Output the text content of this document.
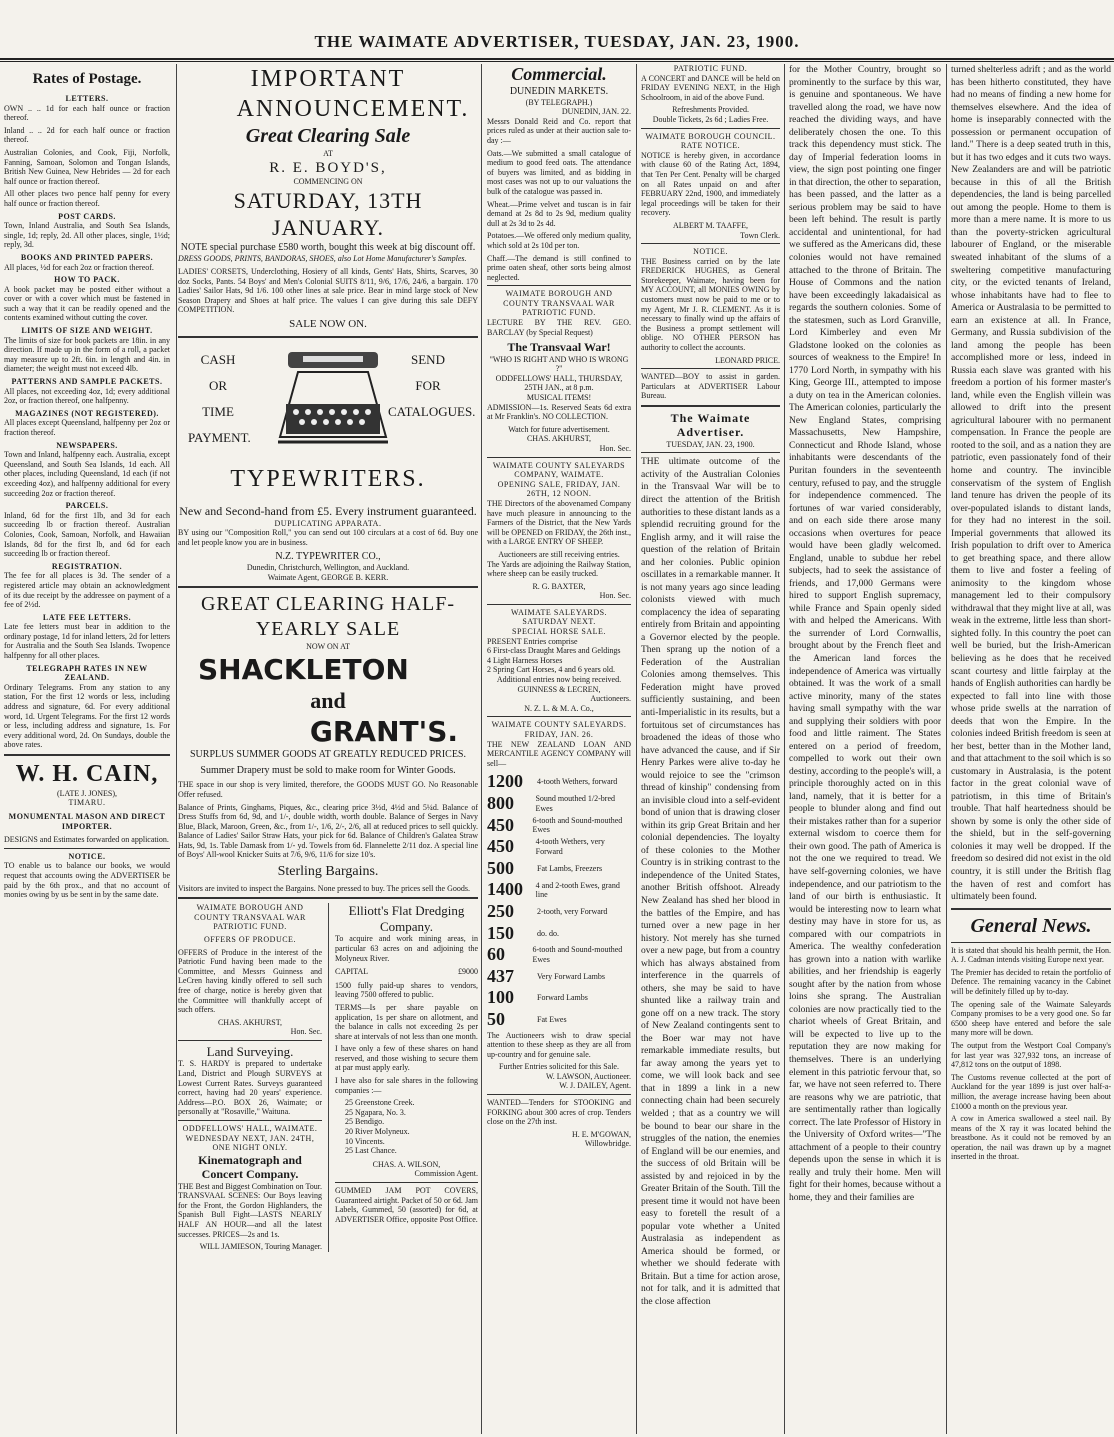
THE WAIMATE ADVERTISER, TUESDAY, JAN. 23, 1900.
Rates of Postage.
LETTERS.

OWN .. .. 1d for each half ounce or fraction thereof.

Inland .. .. 2d for each half ounce or fraction thereof.

Australian Colonies, and Cook, Fiji, Norfolk, Fanning, Samoan, Solomon and Tongan Islands, British New Guinea, New Hebrides — 2d for each half ounce or fraction thereof.

All other places two pence half penny for every half ounce or fraction thereof.

POST CARDS.

Town, Inland Australia, and South Sea Islands, single, 1d; reply, 2d. All other places, single, 1½d; reply, 3d.

BOOKS AND PRINTED PAPERS.

All places, ½d for each 2oz or fraction thereof.

HOW TO PACK.

A book packet may be posted either without a cover or with a cover which must be fastened in such a way that it can be readily opened and the contents examined without cutting the cover.

LIMITS OF SIZE AND WEIGHT.

The limits of size for book packets are 18in. in any direction. If made up in the form of a roll, a packet may measure up to 2ft. 6in. in length and 4in. in diameter; the weight must not exceed 4lb.

PATTERNS AND SAMPLE PACKETS.

All places, not exceeding 4oz, 1d; every additional 2oz, or fraction thereof, one halfpenny.

MAGAZINES (NOT REGISTERED).

All places except Queensland, halfpenny per 2oz or fraction thereof.

NEWSPAPERS.

Town and Inland, halfpenny each. Australia, except Queensland, and South Sea Islands, 1d each. All other places, including Queensland, 1d each (if not exceeding 4oz), and halfpenny additional for every succeeding 2oz or fraction thereof.

PARCELS.

Inland, 6d for the first 1lb, and 3d for each succeeding lb or fraction thereof. Australian Colonies, Cook, Samoan, Norfolk, and Hawaiian Islands, 8d for the first lb, and 6d for each succeeding lb or fraction thereof.

REGISTRATION.

The fee for all places is 3d. The sender of a registered article may obtain an acknowledgment of its due receipt by the addressee on payment of a fee of 2½d.

LATE FEE LETTERS.

Late fee letters must bear in addition to the ordinary postage, 1d for inland letters, 2d for letters for Australia and the South Sea Islands. Twopence halfpenny for all other places.

TELEGRAPH RATES IN NEW ZEALAND.

Ordinary Telegrams. From any station to any station, For the first 12 words or less, including address and signature, 6d. For every additional word, 1d. Urgent Telegrams. For the first 12 words or less, including address and signature, 1s. For every additional word, 2d. On Sundays, double the above rates.

W. H. CAIN,
(LATE J. JONES),
TIMARU.
MONUMENTAL MASON AND DIRECT IMPORTER.

DESIGNS and Estimates forwarded on application.

NOTICE.

TO enable us to balance our books, we would request that accounts owing the ADVERTISER be paid by the 6th prox., and that no account of monies owing by us be sent in by the same date.

IMPORTANT
ANNOUNCEMENT.
Great Clearing Sale
AT
R. E. BOYD'S,
COMMENCING ON
SATURDAY, 13TH JANUARY.
NOTE special purchase £580 worth, bought this week at big discount off.

DRESS GOODS, PRINTS, BANDORAS, SHOES, also Lot Home Manufacturer's Samples.

LADIES' CORSETS, Underclothing, Hosiery of all kinds, Gents' Hats, Shirts, Scarves, 30 doz Socks, Pants. 54 Boys' and Men's Colonial SUITS 8/11, 9/6, 17/6, 24/6, a bargain. 170 Ladies' Sailor Hats, 9d 1/6. 100 other lines at sale price. Bear in mind large stock of New Season Drapery and Shoes at half price. The values I can give during this sale DEFY COMPETITION.

SALE NOW ON.
CASH
OR
TIME
PAYMENT.
SEND
FOR
CATALOGUES.
TYPEWRITERS.
New and Second-hand from £5. Every instrument guaranteed.
DUPLICATING APPARATA.

BY using our "Composition Roll," you can send out 100 circulars at a cost of 6d. Buy one and let people know you are in business.

N.Z. TYPEWRITER CO.,
Dunedin, Christchurch, Wellington, and Auckland.
Waimate Agent, GEORGE B. KERR.
GREAT CLEARING HALF-
YEARLY SALE
NOW ON AT
SHACKLETON
and
GRANT'S.
SURPLUS SUMMER GOODS AT GREATLY REDUCED PRICES.
Summer Drapery must be sold to make room for Winter Goods.

THE space in our shop is very limited, therefore, the GOODS MUST GO. No Reasonable Offer refused.

Balance of Prints, Ginghams, Piques, &c., clearing price 3½d, 4½d and 5¼d. Balance of Dress Stuffs from 6d, 9d, and 1/-, double width, worth double. Balance of Serges in Navy Blue, Black, Maroon, Green, &c., from 1/-, 1/6, 2/-, 2/6, all at reduced prices to sell quickly. Balance of Ladies' Sailor Straw Hats, your pick for 6d. Balance of Children's Galatea Straw Hats, 9d, 1s. Table Damask from 1/- yd. Towels from 6d. Flannelette 2/11 doz. A special line of Boys' All-wool Knicker Suits at 7/6, 9/6, 11/6 for size 10's.

Sterling Bargains.

Visitors are invited to inspect the Bargains. None pressed to buy. The prices sell the Goods.

WAIMATE BOROUGH AND COUNTY TRANSVAAL WAR PATRIOTIC FUND.
OFFERS OF PRODUCE.

OFFERS of Produce in the interest of the Patriotic Fund having been made to the Committee, and Messrs Guinness and LeCren having kindly offered to sell such free of charge, notice is hereby given that the Committee will thankfully accept of such offers.

CHAS. AKHURST,
Hon. Sec.
Land Surveying.

T. S. HARDY is prepared to undertake Land, District and Plough SURVEYS at Lowest Current Rates. Surveys guaranteed correct, having had 20 years' experience. Address—P.O. BOX 26, Waimate; or personally at "Rosaville," Waituna.

ODDFELLOWS' HALL, WAIMATE. WEDNESDAY NEXT, JAN. 24TH, ONE NIGHT ONLY.
Kinematograph and Concert Company.

THE Best and Biggest Combination on Tour. TRANSVAAL SCENES: Our Boys leaving for the Front, the Gordon Highlanders, the Spanish Bull Fight—LASTS NEARLY HALF AN HOUR—and all the latest successes. PRICES—2s and 1s.

WILL JAMIESON, Touring Manager.
Elliott's Flat Dredging Company.

To acquire and work mining areas, in particular 63 acres on and adjoining the Molyneux River.

CAPITAL	£9000

1500 fully paid-up shares to vendors, leaving 7500 offered to public.

TERMS—Is per share payable on application, 1s per share on allotment, and the balance in calls not exceeding 2s per share at intervals of not less than one month.

I have only a few of these shares on hand reserved, and those wishing to secure them at par must apply early.

I have also for sale shares in the following companies :—

25 Greenstone Creek.
25 Ngapara, No. 3.
25 Bendigo.
20 River Molyneux.
10 Vincents.
25 Last Chance.
CHAS. A. WILSON,
Commission Agent.

GUMMED JAM POT COVERS, Guaranteed airtight. Packet of 50 or 6d. Jam Labels, Gummed, 50 (assorted) for 6d, at ADVERTISER Office, opposite Post Office.

Commercial.
DUNEDIN MARKETS.
(BY TELEGRAPH.)
DUNEDIN, JAN. 22.

Messrs Donald Reid and Co. report that prices ruled as under at their auction sale to-day :—

Oats.—We submitted a small catalogue of medium to good feed oats. The attendance of buyers was limited, and as bidding in most cases was not up to our valuations the bulk of the catalogue was passed in.

Wheat.—Prime velvet and tuscan is in fair demand at 2s 8d to 2s 9d, medium quality dull at 2s 3d to 2s 4d.

Potatoes.—We offered only medium quality, which sold at 2s 10d per ton.

Chaff.—The demand is still confined to prime oaten sheaf, other sorts being almost neglected.

WAIMATE BOROUGH AND COUNTY TRANSVAAL WAR PATRIOTIC FUND.

LECTURE BY THE REV. GEO. BARCLAY (by Special Request)

The Transvaal War!
"WHO IS RIGHT AND WHO IS WRONG ?"
ODDFELLOWS' HALL, THURSDAY, 25TH JAN., at 8 p.m.
MUSICAL ITEMS!

ADMISSION—1s. Reserved Seats 6d extra at Mr Franklin's. NO COLLECTION.

Watch for future advertisement.
CHAS. AKHURST,
Hon. Sec.
WAIMATE COUNTY SALEYARDS COMPANY, WAIMATE.
OPENING SALE, FRIDAY, JAN. 26TH, 12 NOON.

THE Directors of the abovenamed Company have much pleasure in announcing to the Farmers of the District, that the New Yards will be OPENED on FRIDAY, the 26th inst., with a LARGE ENTRY OF SHEEP.

Auctioneers are still receiving entries.

The Yards are adjoining the Railway Station, where sheep can be easily trucked.

R. G. BAXTER,
Hon. Sec.
WAIMATE SALEYARDS.
SATURDAY NEXT.
SPECIAL HORSE SALE.
PRESENT Entries comprise
6 First-class Draught Mares and Geldings
4 Light Harness Horses
2 Spring Cart Horses, 4 and 6 years old.
Additional entries now being received.
GUINNESS & LECREN,
Auctioneers.
N. Z. L. & M. A. Co.,
WAIMATE COUNTY SALEYARDS.
FRIDAY, JAN. 26.

THE NEW ZEALAND LOAN AND MERCANTILE AGENCY COMPANY will sell—

1200	4-tooth Wethers, forward
800	Sound mouthed 1/2-bred Ewes
450	6-tooth and Sound-mouthed Ewes
450	4-tooth Wethers, very Forward
500	Fat Lambs, Freezers
1400	4 and 2-tooth Ewes, grand line
250	2-tooth, very Forward
150	do. do.
60	6-tooth and Sound-mouthed Ewes
437	Very Forward Lambs
100	Forward Lambs
50	Fat Ewes

The Auctioneers wish to draw special attention to these sheep as they are all from up-country and for genuine sale.

Further Entries solicited for this Sale.
W. LAWSON, Auctioneer.
W. J. DAILEY, Agent.

WANTED—Tenders for STOOKING and FORKING about 300 acres of crop. Tenders close on the 27th inst.

H. E. M'GOWAN,
Willowbridge.
PATRIOTIC FUND.

A CONCERT and DANCE will be held on FRIDAY EVENING NEXT, in the High Schoolroom, in aid of the above Fund.

Refreshments Provided.
Double Tickets, 2s 6d ; Ladies Free.
WAIMATE BOROUGH COUNCIL.
RATE NOTICE.

NOTICE is hereby given, in accordance with clause 60 of the Rating Act, 1894, that Ten Per Cent. Penalty will be charged on all Rates unpaid on and after FEBRUARY 22nd, 1900, and immediately legal proceedings will be taken for their recovery.

ALBERT M. TAAFFE,
Town Clerk.
NOTICE.

THE Business carried on by the late FREDERICK HUGHES, as General Storekeeper, Waimate, having been for MY ACCOUNT, all MONIES OWING by customers must now be paid to me or to my Agent, Mr J. R. CLEMENT. As it is necessary to finally wind up the affairs of the Business a prompt settlement will oblige. NO OTHER PERSON has authority to collect the accounts.

LEONARD PRICE.

WANTED—BOY to assist in garden. Particulars at ADVERTISER Labour Bureau.

The Waimate Advertiser.
TUESDAY, JAN. 23, 1900.

THE ultimate outcome of the activity of the Australian Colonies in the Transvaal War will be to direct the attention of the British authorities to these distant lands as a splendid recruiting ground for the English army, and it will raise the question of the relation of Britain and her colonies. Public opinion oscillates in a remarkable manner. It is not many years ago since leading colonists viewed with much complacency the idea of separating entirely from Britain and appointing a Governor elected by the people. Then sprang up the notion of a Federation of the Australian Colonies among themselves. This Federation might have proved sufficiently sustaining, and been anti-Imperialistic in its results, but a fortuitous set of circumstances has broadened the ideas of those who have advanced the cause, and if Sir Henry Parkes were alive to-day he would rejoice to see the "crimson thread of kinship" condensing from an invisible cloud into a self-evident bond of union that is drawing closer within its grip Great Britain and her colonial dependencies. The loyalty of these colonies to the Mother Country is in striking contrast to the independence of the United States, another British offshoot. Already New Zealand has shed her blood in the battles of the Empire, and has turned over a new page in her history. Not merely has she turned over a new page, but from a country which has always abstained from interference in the quarrels of others, she may be said to have shunted like a railway train and gone off on a new track. The story of New Zealand contingents sent to the Boer war may not have remarkable immediate results, but far away among the years yet to come, we will look back and see that in 1899 a link in a new connecting chain had been securely welded ; that as a country we will be bound to bear our share in the struggles of the nation, the enemies of England will be our enemies, and the success of old Britain will be assisted by and rejoiced in by the Greater Britain of the South. Till the present time it would not have been easy to foretell the result of a popular vote whether a United Australasia as independent as America should be formed, or whether we should federate with Britain. But a time for action arose, not for talk, and it is admitted that the close affection

for the Mother Country, brought so prominently to the surface by this war, is genuine and spontaneous. We have travelled along the road, we have now reached the dividing ways, and have deliberately chosen the one. To this track this dependency must stick. The day of Imperial federation looms in view, the sign post pointing one finger in that direction, the other to separation, has been passed, and the latter as a serious problem may be said to have been left behind. The result is partly accidental and unintentional, for had we suffered as the Americans did, these colonies would not have remained attached to the throne of Britain. The House of Commons and the nation have been exceedingly lakadaisical as regards the southern colonies. Some of the statesmen, such as Lord Granville, Lord Kimberley and even Mr Gladstone looked on the colonies as sources of weakness to the Empire! In 1770 Lord North, in sympathy with his King, George III., attempted to impose a duty on tea in the American colonies. The American colonies, particularly the New England States, comprising Massachusetts, New Hampshire, Connecticut and Rhode Island, whose inhabitants were descendants of the Puritan founders in the seventeenth century, refused to pay, and the struggle for independence commenced. The fortunes of war varied considerably, and on each side there arose many occasions when overtures for peace would have been gladly welcomed. England, unable to subdue her rebel subjects, had to seek the assistance of friends, and 17,000 Germans were hired to support English supremacy, while France and Spain openly sided with and helped the Americans. With the surrender of Lord Cornwallis, brought about by the French fleet and the American land forces the independence of America was virtually obtained. It was the work of a small active minority, many of the states having small sympathy with the war and supplying their soldiers with poor food and little raiment. The States entered on a period of freedom, compelled to work out their own destiny, according to the people's will, a principle thoroughly acted on in this land, namely, that it is better for a people to blunder along and find out their mistakes rather than for a superior external wisdom to coerce them for their own good. The path of America is not the one we required to tread. We have self-governing colonies, we have independence, and our patriotism to the land of our birth is enthusiastic. It would be interesting now to learn what destiny may have in store for us, as compared with our compatriots in America. The wealthy confederation has grown into a nation with warlike abilities, and her friendship is eagerly sought after by the nation from whose loins she sprang. The Australian colonies are now practically tied to the chariot wheels of Great Britain, and will be expected to live up to the reputation they are now making for themselves. There is an underlying element in this patriotic fervour that, so far, we have not seen referred to. There are reasons why we are patriotic, that are sentimentally rather than logically correct. The late Professor of History in the University of Oxford writes—"The attachment of a people to their country depends upon the sense in which it is really and truly their home. Men will fight for their homes, because without a home, they and their families are

turned shelterless adrift ; and as the world has been hitherto constituted, they have had no means of finding a new home for themselves elsewhere. And the idea of home is inseparably connected with the possession or permanent occupation of land." There is a deep seated truth in this, but it has two edges and it cuts two ways. New Zealanders are and will be patriotic because in this of all the British dependencies, the land is being parcelled out among the people. Home to them is more than a mere name. It is more to us than the poverty-stricken agricultural labourer of England, or the miserable sweated inhabitant of the slums of a sweltering competitive manufacturing city, or the evicted tenants of Ireland, whose inhabitants have had to flee to America or Australasia to be permitted to earn an existence at all. In France, Germany, and Russia subdivision of the land among the people has been accomplished more or less, indeed in Russia each slave was granted with his freedom a portion of his former master's land, while even the English villein was allowed to drift into the present agricultural labourer with no permanent compensation. In France the people are rooted to the soil, and as a nation they are patriotic, even passionately fond of their home and country. The invincible conservatism of the system of English land tenure has driven the people of its over-populated islands to distant lands, for they had no interest in the soil. Imperial governments that allowed its Irish population to drift over to America to get breathing space, and there allow them to live and foster a feeling of animosity to the kingdom whose management led to their compulsory withdrawal that they might live at all, was weak in the extreme, little less than short-sighted folly. In this country the poet can well be buried, but the Irish-American believing as he does that he received scant courtesy and little fairplay at the hands of English authorities can hardly be expected to fall into line with those whose pride swells at the narration of deeds that won the Empire. In the colonies indeed British freedom is seen at her best, better than in the Mother land, and that attachment to the soil which is so customary in Australasia, is the potent factor in the great colonial wave of patriotism, in this time of Britain's trouble. That half heartedness should be shown by some is only the other side of the shield, but in the self-governing colonies it may well be dropped. If the freedom so desired did not exist in the old country, it is still under the British flag the haven of rest and comfort has ultimately been found.

General News.

It is stated that should his health permit, the Hon. A. J. Cadman intends visiting Europe next year.

The Premier has decided to retain the portfolio of Defence. The remaining vacancy in the Cabinet will be definitely filled up by to-day.

The opening sale of the Waimate Saleyards Company promises to be a very good one. So far 6500 sheep have entered and before the sale many more will be down.

The output from the Westport Coal Company's for last year was 327,932 tons, an increase of 47,812 tons on the output of 1898.

The Customs revenue collected at the port of Auckland for the year 1899 is just over half-a-million, the average increase having been about £1000 a month on the previous year.

A cow in America swallowed a steel nail. By means of the X ray it was located behind the breastbone. As it could not be removed by an operation, the nail was drawn up by a magnet inserted in the throat.
